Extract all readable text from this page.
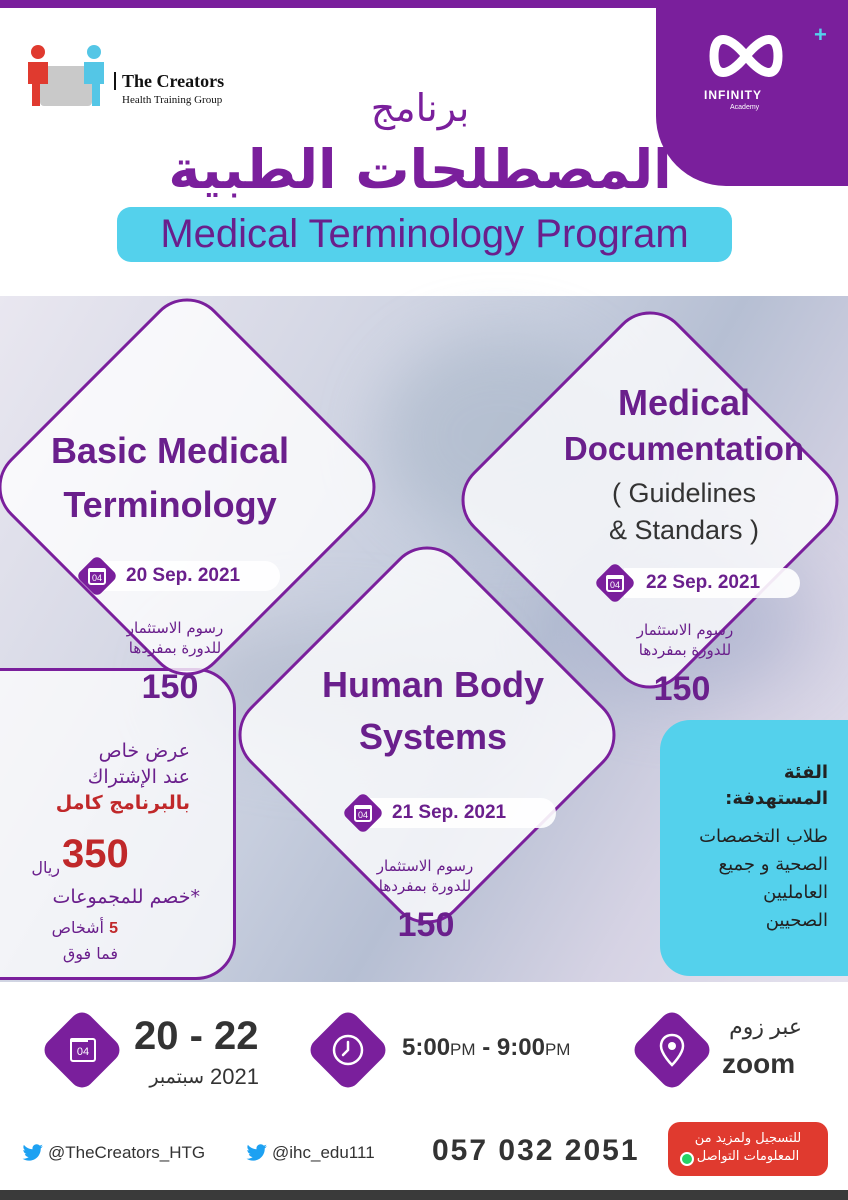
The Creators
Health Training Group
+
INFINITY
Academy
برنامج
المصطلحات الطبية
Medical Terminology Program
Basic Medical
Terminology
20 Sep. 2021
04
رسوم الاستثمار
للدورة بمفردها
150
Medical
Documentation
( Guidelines
& Standars )
22 Sep. 2021
04
رسوم الاستثمار
للدورة بمفردها
150
Human Body
Systems
21 Sep. 2021
04
رسوم الاستثمار
للدورة بمفردها
150
عرض خاص
عند الإشتراك
بالبرنامج كامل
ريال 350
*خصم للمجموعات
5 أشخاص
فما فوق
الفئة
المستهدفة:
طلاب التخصصات
الصحية و جميع
العامليين
الصحيين
04 20 - 22
سبتمبر 2021
5:00PM - 9:00PM
عبر زوم
zoom
@TheCreators_HTG	@ihc_edu111 057 032 2051	للتسجيل ولمزيد من
المعلومات التواصل
